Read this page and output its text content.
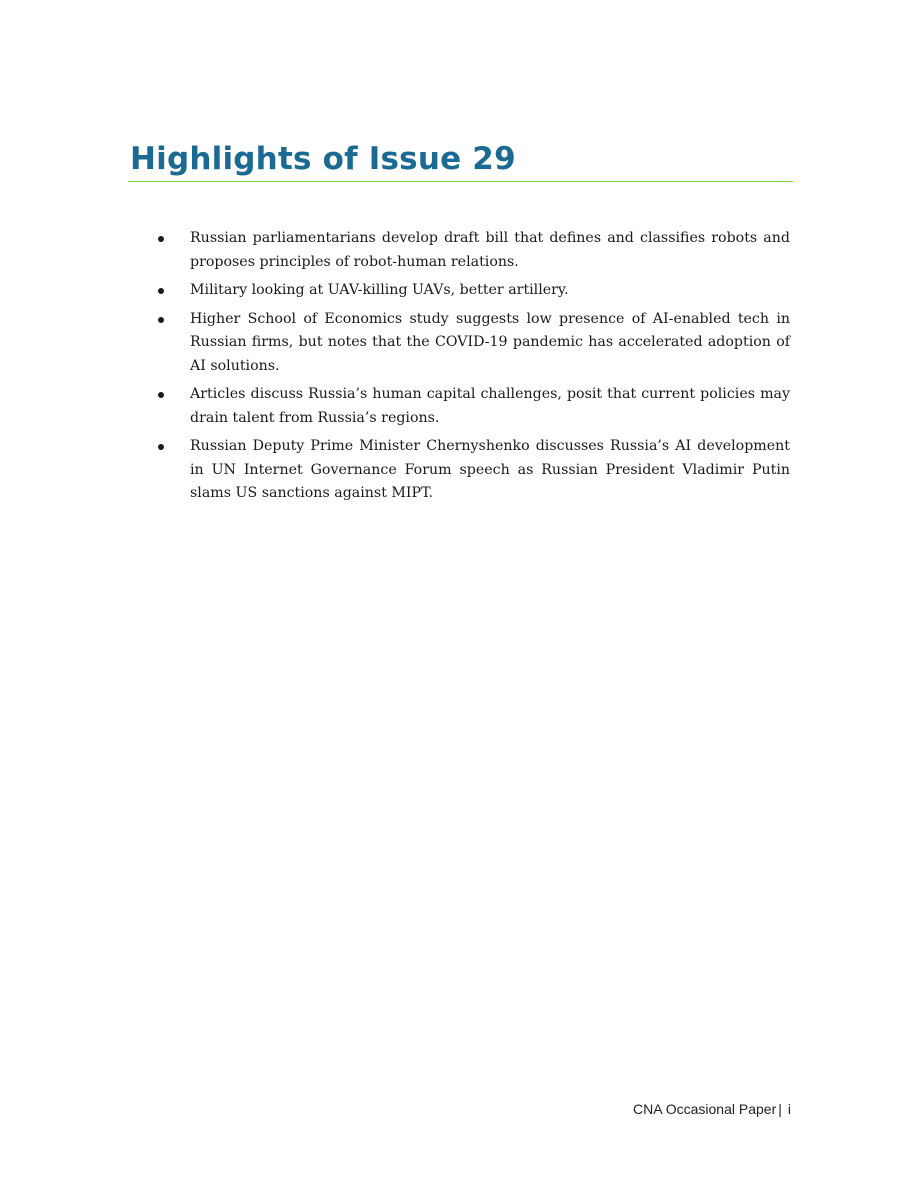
Highlights of Issue 29
Russian parliamentarians develop draft bill that defines and classifies robots and proposes principles of robot-human relations.
Military looking at UAV-killing UAVs, better artillery.
Higher School of Economics study suggests low presence of AI-enabled tech in Russian firms, but notes that the COVID-19 pandemic has accelerated adoption of AI solutions.
Articles discuss Russia’s human capital challenges, posit that current policies may drain talent from Russia’s regions.
Russian Deputy Prime Minister Chernyshenko discusses Russia’s AI development in UN Internet Governance Forum speech as Russian President Vladimir Putin slams US sanctions against MIPT.
CNA Occasional Paper | i
